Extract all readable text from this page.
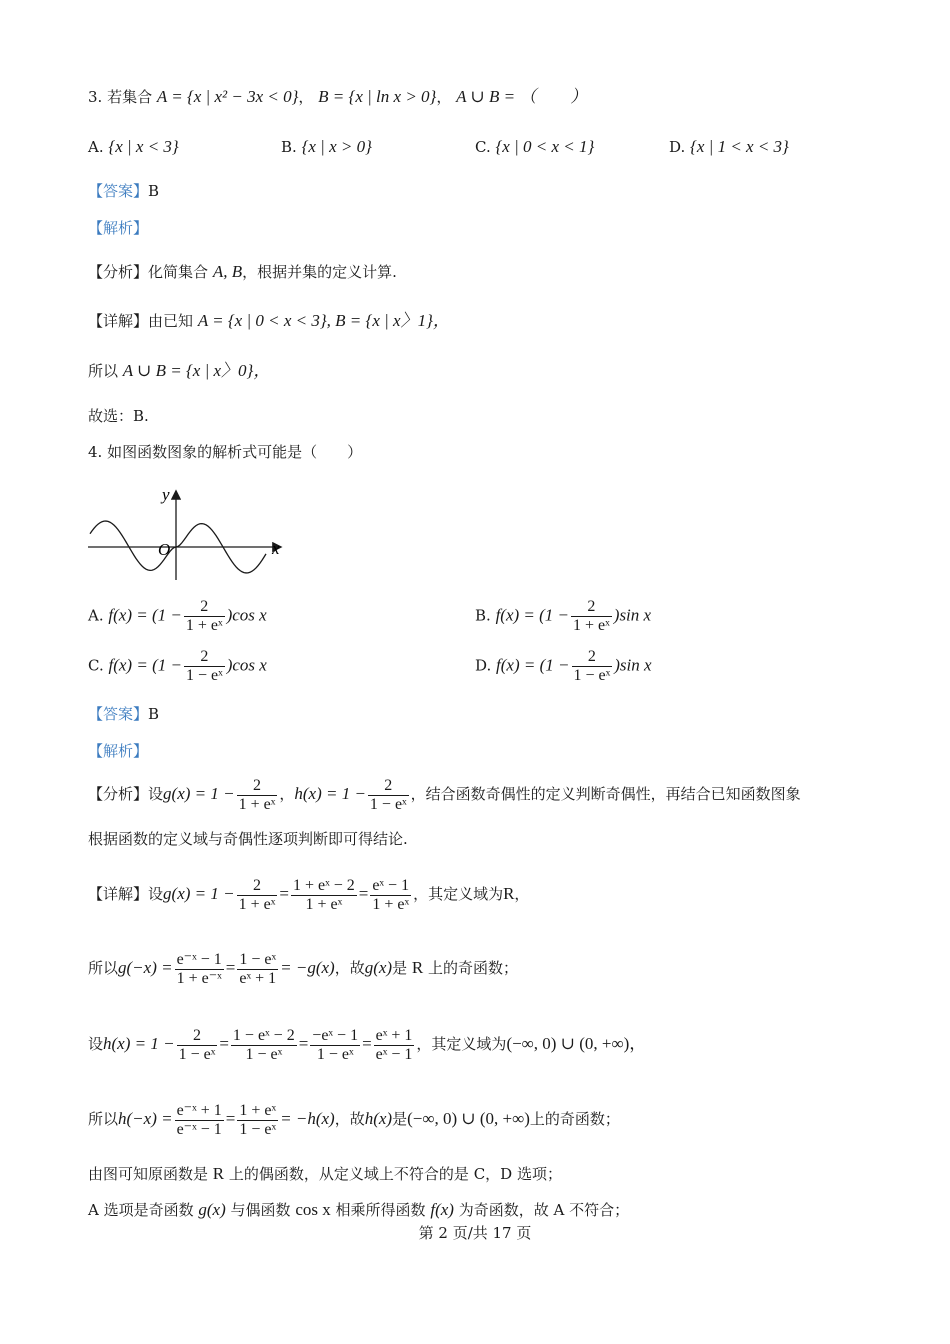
3. 若集合 A = {x | x² − 3x < 0}， B = {x | ln x > 0}， A ∪ B = （　　）
A. {x | x < 3}	B. {x | x > 0}	C. {x | 0 < x < 1}	D. {x | 1 < x < 3}
【答案】B
【解析】
【分析】化简集合 A, B，根据并集的定义计算.
【详解】由已知 A = {x | 0 < x < 3}, B = {x | x〉1}，
所以 A ∪ B = {x | x〉0}，
故选：B.
4. 如图函数图象的解析式可能是（　　）
y
x
O
A. $f(x) = (1 - \frac{2}{\text{1 + eˣ}} )\cos$ x	B. $f(x) = (1 - \frac{2}{\text{1 + eˣ}} )\sin$ x
C. $f(x) = (1 - \frac{2}{\text{1 − eˣ}} )\cos$ x	D. $f(x) = (1 - \frac{2}{\text{1 − eˣ}} )\sin$ x
【答案】B
【解析】
【分析】设$g(x) = 1 - \frac{2}{\text{1 + eˣ}}$ ，$h(x) = 1 - \frac{2}{\text{1 − eˣ}}$ ，结合函数奇偶性的定义判断奇偶性，再结合已知函数图象
根据函数的定义域与奇偶性逐项判断即可得结论.
【详解】设$g(x) = 1 - \frac{2}{\text{1 + eˣ}} = \frac{\text{1 + eˣ − 2}}{\text{1 + eˣ}} = \frac{\text{eˣ − 1}}{\text{1 + eˣ}}$ ，其定义域为R，
所以$g(-x) = \frac{\text{e⁻ˣ − 1}}{\text{1 + e⁻ˣ}} = \frac{\text{1 − eˣ}}{\text{eˣ + 1}} = -g(x)$，故g(x)是 R 上的奇函数；
设$h(x) = 1 - \frac{2}{\text{1 − eˣ}} = \frac{\text{1 − eˣ − 2}}{\text{1 − eˣ}} = \frac{\text{−eˣ − 1}}{\text{1 − eˣ}} = \frac{\text{eˣ + 1}}{\text{eˣ − 1}}$ ，其定义域为(−∞, 0) ∪ (0, +∞)，
所以$h(-x) = \frac{\text{e⁻ˣ + 1}}{\text{e⁻ˣ − 1}} = \frac{\text{1 + eˣ}}{\text{1 − eˣ}} = -h(x)$，故h(x)是(−∞, 0) ∪ (0, +∞)上的奇函数；
由图可知原函数是 R 上的偶函数，从定义域上不符合的是 C，D 选项；
A 选项是奇函数 g(x) 与偶函数 cos x 相乘所得函数 f(x) 为奇函数，故 A 不符合；
第 2 页/共 17 页
